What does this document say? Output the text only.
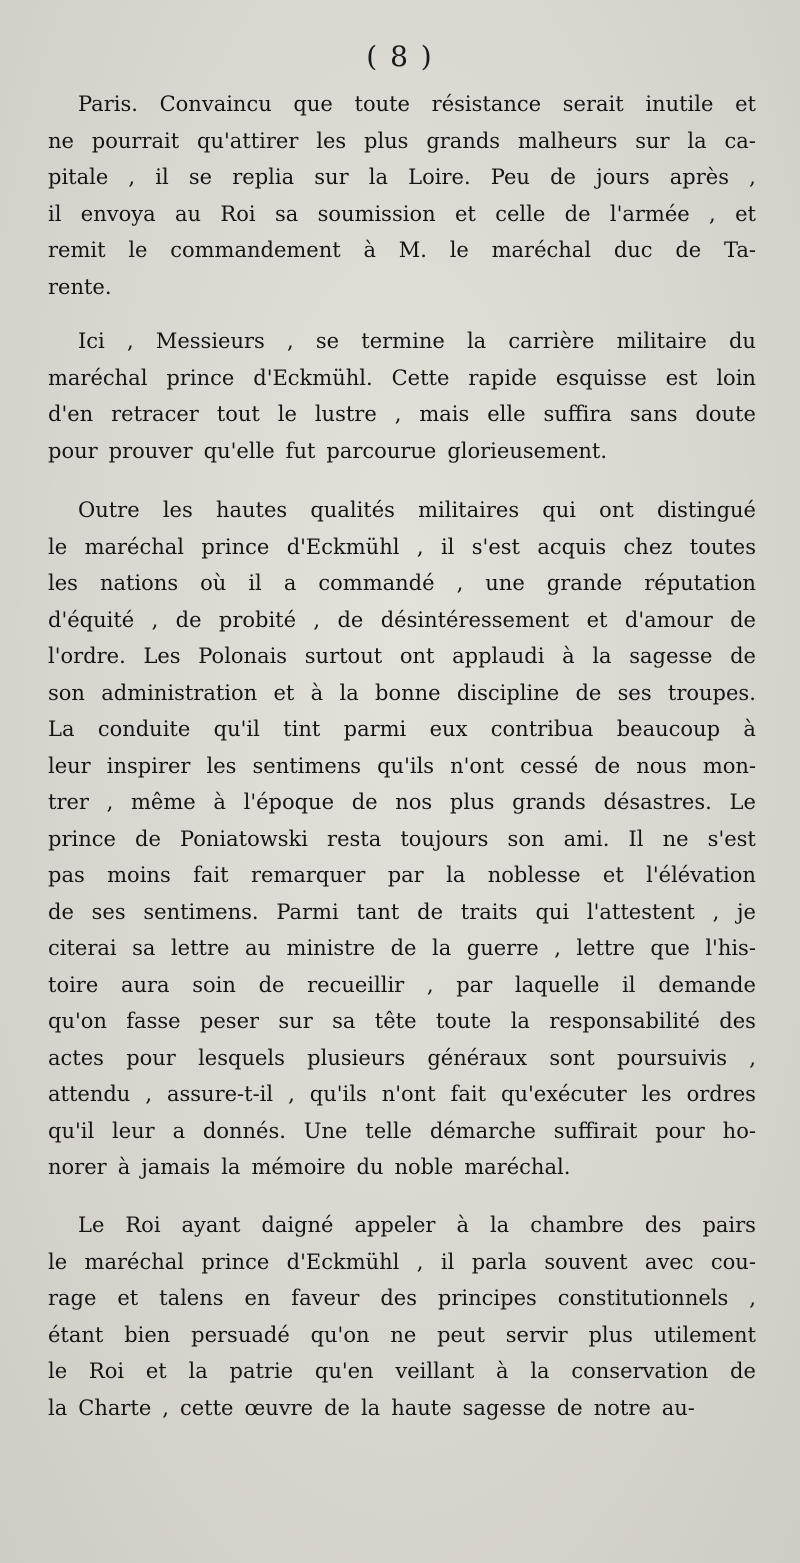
( 8 )
Paris. Convaincu que toute résistance serait inutile et
ne pourrait qu'attirer les plus grands malheurs sur la ca-
pitale , il se replia sur la Loire. Peu de jours après ,
il envoya au Roi sa soumission et celle de l'armée , et
remit le commandement à M. le maréchal duc de Ta-
rente.
Ici , Messieurs , se termine la carrière militaire du
maréchal prince d'Eckmühl. Cette rapide esquisse est loin
d'en retracer tout le lustre , mais elle suffira sans doute
pour prouver qu'elle fut parcourue glorieusement.
Outre les hautes qualités militaires qui ont distingué
le maréchal prince d'Eckmühl , il s'est acquis chez toutes
les nations où il a commandé , une grande réputation
d'équité , de probité , de désintéressement et d'amour de
l'ordre. Les Polonais surtout ont applaudi à la sagesse de
son administration et à la bonne discipline de ses troupes.
La conduite qu'il tint parmi eux contribua beaucoup à
leur inspirer les sentimens qu'ils n'ont cessé de nous mon-
trer , même à l'époque de nos plus grands désastres. Le
prince de Poniatowski resta toujours son ami. Il ne s'est
pas moins fait remarquer par la noblesse et l'élévation
de ses sentimens. Parmi tant de traits qui l'attestent , je
citerai sa lettre au ministre de la guerre , lettre que l'his-
toire aura soin de recueillir , par laquelle il demande
qu'on fasse peser sur sa tête toute la responsabilité des
actes pour lesquels plusieurs généraux sont poursuivis ,
attendu , assure-t-il , qu'ils n'ont fait qu'exécuter les ordres
qu'il leur a donnés. Une telle démarche suffirait pour ho-
norer à jamais la mémoire du noble maréchal.
Le Roi ayant daigné appeler à la chambre des pairs
le maréchal prince d'Eckmühl , il parla souvent avec cou-
rage et talens en faveur des principes constitutionnels ,
étant bien persuadé qu'on ne peut servir plus utilement
le Roi et la patrie qu'en veillant à la conservation de
la Charte , cette œuvre de la haute sagesse de notre au-
